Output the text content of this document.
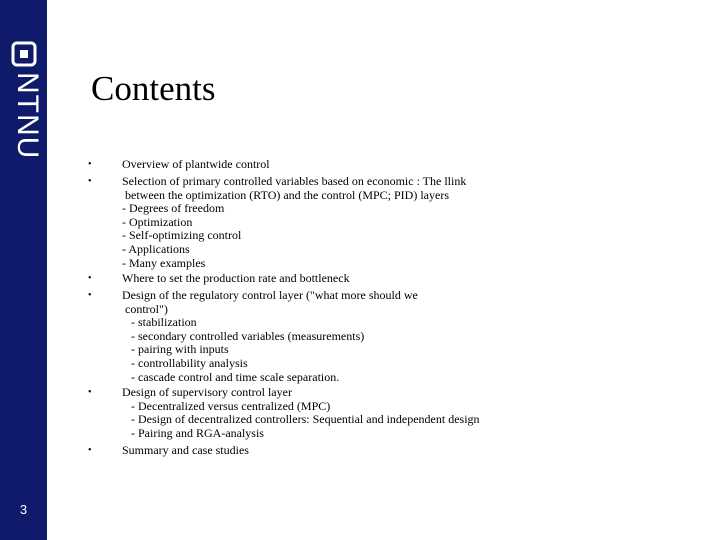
NTNU
3
Contents
•	Overview of plantwide control
•	Selection of primary controlled variables based on economic : The llink
between the optimization (RTO) and the control (MPC; PID) layers
- Degrees of freedom
- Optimization
- Self-optimizing control
- Applications
- Many examples
•	Where to set the production rate and bottleneck
•	Design of the regulatory control layer ("what more should we
control")
- stabilization
- secondary controlled variables (measurements)
- pairing with inputs
- controllability analysis
- cascade control and time scale separation.
•	Design of supervisory control layer
- Decentralized versus centralized (MPC)
- Design of decentralized controllers: Sequential and independent design
- Pairing and RGA-analysis
•	Summary and case studies
